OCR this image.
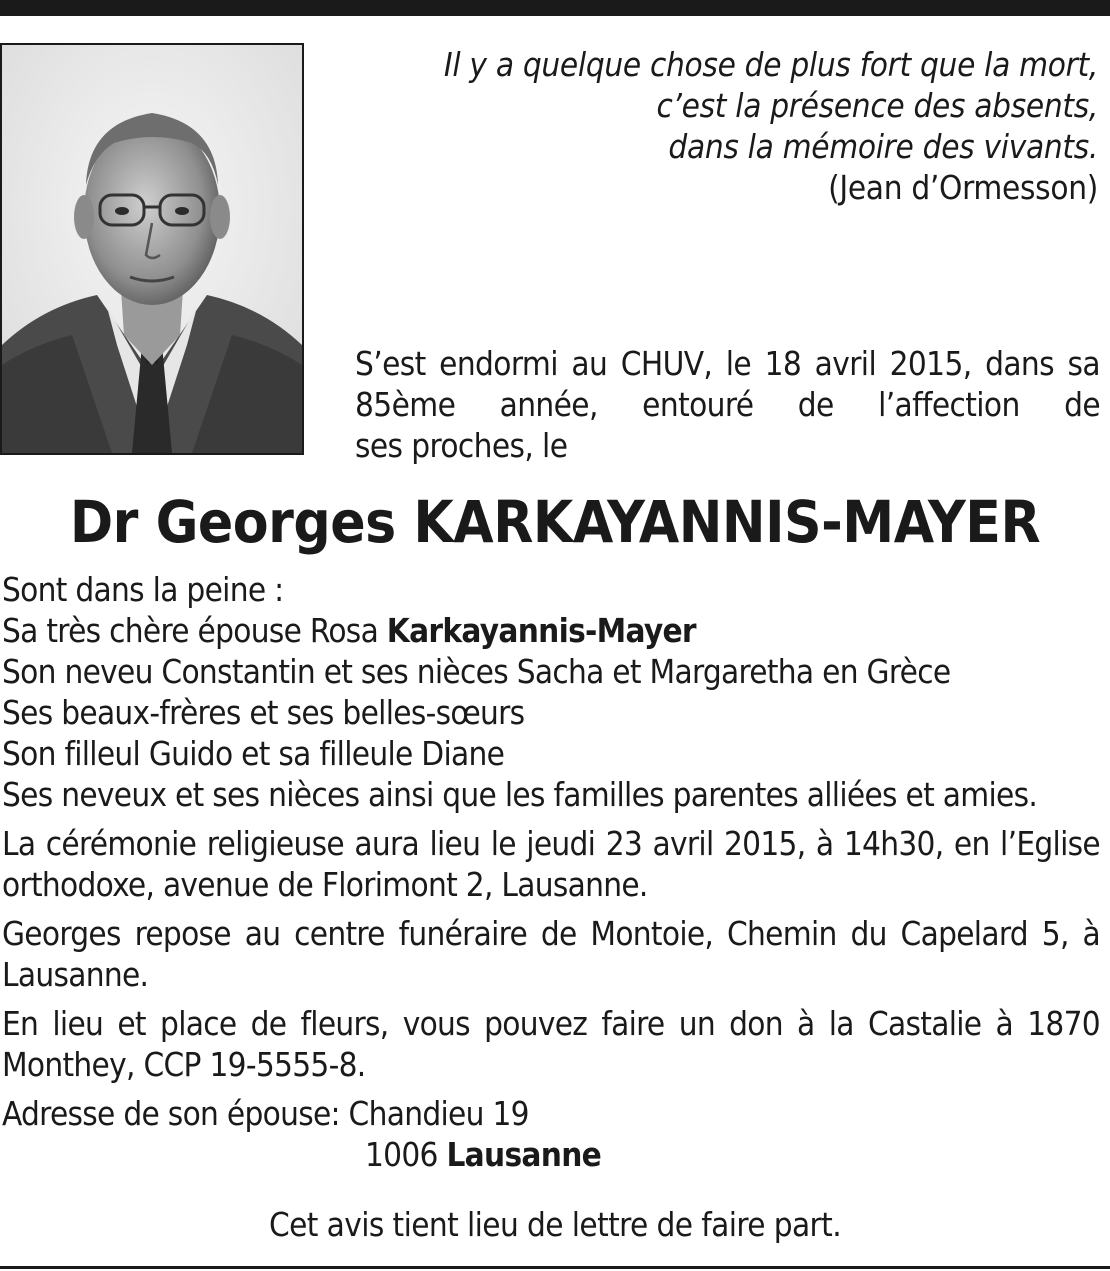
Il y a quelque chose de plus fort que la mort,
c’est la présence des absents,
dans la mémoire des vivants.
(Jean d’Ormesson)
S’est endormi au CHUV, le 18 avril 2015, dans sa
85ème année, entouré de l’affection de
ses proches, le
Dr Georges KARKAYANNIS-MAYER
Sont dans la peine :
Sa très chère épouse Rosa Karkayannis-Mayer
Son neveu Constantin et ses nièces Sacha et Margaretha en Grèce
Ses beaux-frères et ses belles-sœurs
Son filleul Guido et sa filleule Diane
Ses neveux et ses nièces ainsi que les familles parentes alliées et amies.
La cérémonie religieuse aura lieu le jeudi 23 avril 2015, à 14h30, en l’Eglise orthodoxe, avenue de Florimont 2, Lausanne.
Georges repose au centre funéraire de Montoie, Chemin du Capelard 5, à Lausanne.
En lieu et place de fleurs, vous pouvez faire un don à la Castalie à 1870 Monthey, CCP 19-5555-8.
Adresse de son épouse: Chandieu 19
1006 Lausanne
Cet avis tient lieu de lettre de faire part.
